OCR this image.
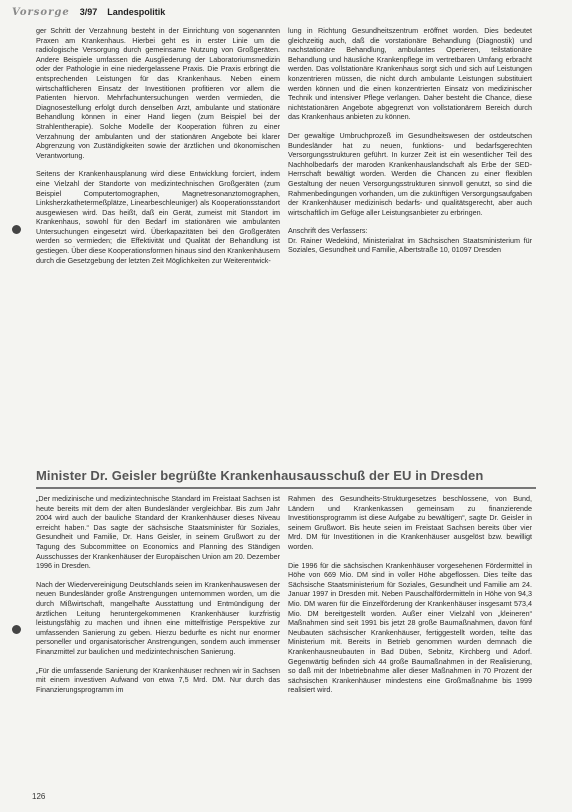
Vorsorge 3/97 Landespolitik

ger Schritt der Verzahnung besteht in der Einrichtung von sogenannten Praxen am Krankenhaus. Hierbei geht es in erster Linie um die radiologische Versorgung durch gemeinsame Nutzung von Großgeräten. Andere Beispiele umfassen die Ausgliederung der Laboratoriumsmedizin oder der Pathologie in eine niedergelassene Praxis. Die Praxis erbringt die entsprechenden Leistungen für das Krankenhaus. Neben einem wirtschaftlicheren Einsatz der Investitionen profitieren vor allem die Patienten hiervon. Mehrfachuntersuchungen werden vermieden, die Diagnosestellung erfolgt durch denselben Arzt, ambulante und stationäre Behandlung können in einer Hand liegen (zum Beispiel bei der Strahlentherapie). Solche Modelle der Kooperation führen zu einer Verzahnung der ambulanten und der stationären Angebote bei klarer Abgrenzung von Zuständigkeiten sowie der ärztlichen und ökonomischen Verantwortung.

Seitens der Krankenhausplanung wird diese Entwicklung forciert, indem eine Vielzahl der Standorte von medizintechnischen Großgeräten (zum Beispiel Computertomographen, Magnetresonanztomographen, Linksherzkathetermeßplätze, Linearbeschleuniger) als Kooperationsstandort ausgewiesen wird. Das heißt, daß ein Gerät, zumeist mit Standort im Krankenhaus, sowohl für den Bedarf im stationären wie ambulanten Untersuchungen eingesetzt wird. Überkapazitäten bei den Großgeräten werden so vermieden; die Effektivität und Qualität der Behandlung ist gestiegen. Über diese Kooperationsformen hinaus sind den Krankenhäusern durch die Gesetzgebung der letzten Zeit Möglichkeiten zur Weiterentwick-

lung in Richtung Gesundheitszentrum eröffnet worden. Dies bedeutet gleichzeitig auch, daß die vorstationäre Behandlung (Diagnostik) und nachstationäre Behandlung, ambulantes Operieren, teilstationäre Behandlung und häusliche Krankenpflege im vertretbaren Umfang erbracht werden. Das vollstationäre Krankenhaus sorgt sich und sich auf Leistungen konzentrieren müssen, die nicht durch ambulante Leistungen substituiert werden können und die einen konzentrierten Einsatz von medizinischer Technik und intensiver Pflege verlangen. Daher besteht die Chance, diese nichtstationären Angebote abgegrenzt von vollstationärem Bereich durch das Krankenhaus anbieten zu können.

Der gewaltige Umbruchprozeß im Gesundheitswesen der ostdeutschen Bundesländer hat zu neuen, funktions- und bedarfsgerechten Versorgungsstrukturen geführt. In kurzer Zeit ist ein wesentlicher Teil des Nachholbedarfs der maroden Krankenhauslandschaft als Erbe der SED-Herrschaft bewältigt worden. Werden die Chancen zu einer flexiblen Gestaltung der neuen Versorgungsstrukturen sinnvoll genutzt, so sind die Rahmenbedingungen vorhanden, um die zukünftigen Versorgungsaufgaben der Krankenhäuser medizinisch bedarfs- und qualitätsgerecht, aber auch wirtschaftlich im Gefüge aller Leistungsanbieter zu erbringen.

Anschrift des Verfassers:
Dr. Rainer Wedekind, Ministerialrat im Sächsischen Staatsministerium für Soziales, Gesundheit und Familie, Albertstraße 10, 01097 Dresden
Minister Dr. Geisler begrüßte Krankenhausausschuß der EU in Dresden

„Der medizinische und medizintechnische Standard im Freistaat Sachsen ist heute bereits mit dem der alten Bundesländer vergleichbar. Bis zum Jahr 2004 wird auch der bauliche Standard der Krankenhäuser dieses Niveau erreicht haben.“ Das sagte der sächsische Staatsminister für Soziales, Gesundheit und Familie, Dr. Hans Geisler, in seinem Grußwort zu der Tagung des Subcommittee on Economics and Planning des Ständigen Ausschusses der Krankenhäuser der Europäischen Union am 20. Dezember 1996 in Dresden.

Nach der Wiedervereinigung Deutschlands seien im Krankenhauswesen der neuen Bundesländer große Anstrengungen unternommen worden, um die durch Mißwirtschaft, mangelhafte Ausstattung und Entmündigung der ärztlichen Leitung heruntergekommenen Krankenhäuser kurzfristig leistungsfähig zu machen und ihnen eine mittelfristige Perspektive zur umfassenden Sanierung zu geben. Hierzu bedurfte es nicht nur enormer personeller und organisatorischer Anstrengungen, sondern auch immenser Finanzmittel zur baulichen und medizintechnischen Sanierung.

„Für die umfassende Sanierung der Krankenhäuser rechnen wir in Sachsen mit einem investiven Aufwand von etwa 7,5 Mrd. DM. Nur durch das Finanzierungsprogramm im

Rahmen des Gesundheits-Strukturgesetzes beschlossene, von Bund, Ländern und Krankenkassen gemeinsam zu finanzierende Investitionsprogramm ist diese Aufgabe zu bewältigen“, sagte Dr. Geisler in seinem Grußwort. Bis heute seien im Freistaat Sachsen bereits über vier Mrd. DM für Investitionen in die Krankenhäuser ausgelöst bzw. bewilligt worden.

Die 1996 für die sächsischen Krankenhäuser vorgesehenen Fördermittel in Höhe von 669 Mio. DM sind in voller Höhe abgeflossen. Dies teilte das Sächsische Staatsministerium für Soziales, Gesundheit und Familie am 24. Januar 1997 in Dresden mit. Neben Pauschalfördermitteln in Höhe von 94,3 Mio. DM waren für die Einzelförderung der Krankenhäuser insgesamt 573,4 Mio. DM bereitgestellt worden. Außer einer Vielzahl von „kleineren“ Maßnahmen sind seit 1991 bis jetzt 28 große Baumaßnahmen, davon fünf Neubauten sächsischer Krankenhäuser, fertiggestellt worden, teilte das Ministerium mit. Bereits in Betrieb genommen wurden demnach die Krankenhausneubauten in Bad Düben, Sebnitz, Kirchberg und Adorf. Gegenwärtig befinden sich 44 große Baumaßnahmen in der Realisierung, so daß mit der Inbetriebnahme aller dieser Maßnahmen in 70 Prozent der sächsischen Krankenhäuser mindestens eine Großmaßnahme bis 1999 realisiert wird.

126
